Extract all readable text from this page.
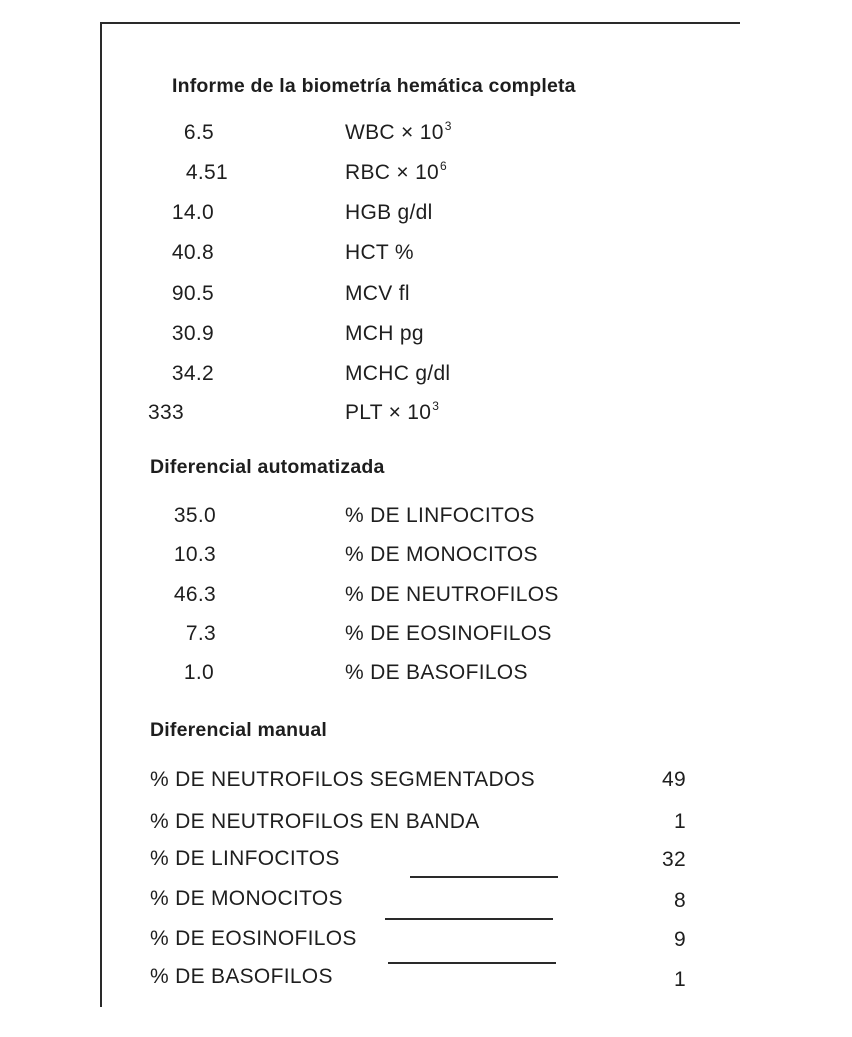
Informe de la biometría hemática completa
6.5	WBC × $10^3$
4.51	RBC × $10^6$
14.0	HGB g/dl
40.8	HCT %
90.5	MCV fl
30.9	MCH pg
34.2	MCHC g/dl
333	PLT × $10^3$
Diferencial automatizada
35.0	% DE LINFOCITOS
10.3	% DE MONOCITOS
46.3	% DE NEUTROFILOS
7.3	% DE EOSINOFILOS
1.0	% DE BASOFILOS
Diferencial manual
% DE NEUTROFILOS SEGMENTADOS	49
% DE NEUTROFILOS EN BANDA	1
% DE LINFOCITOS	32
% DE MONOCITOS	8
% DE EOSINOFILOS	9
% DE BASOFILOS	1
